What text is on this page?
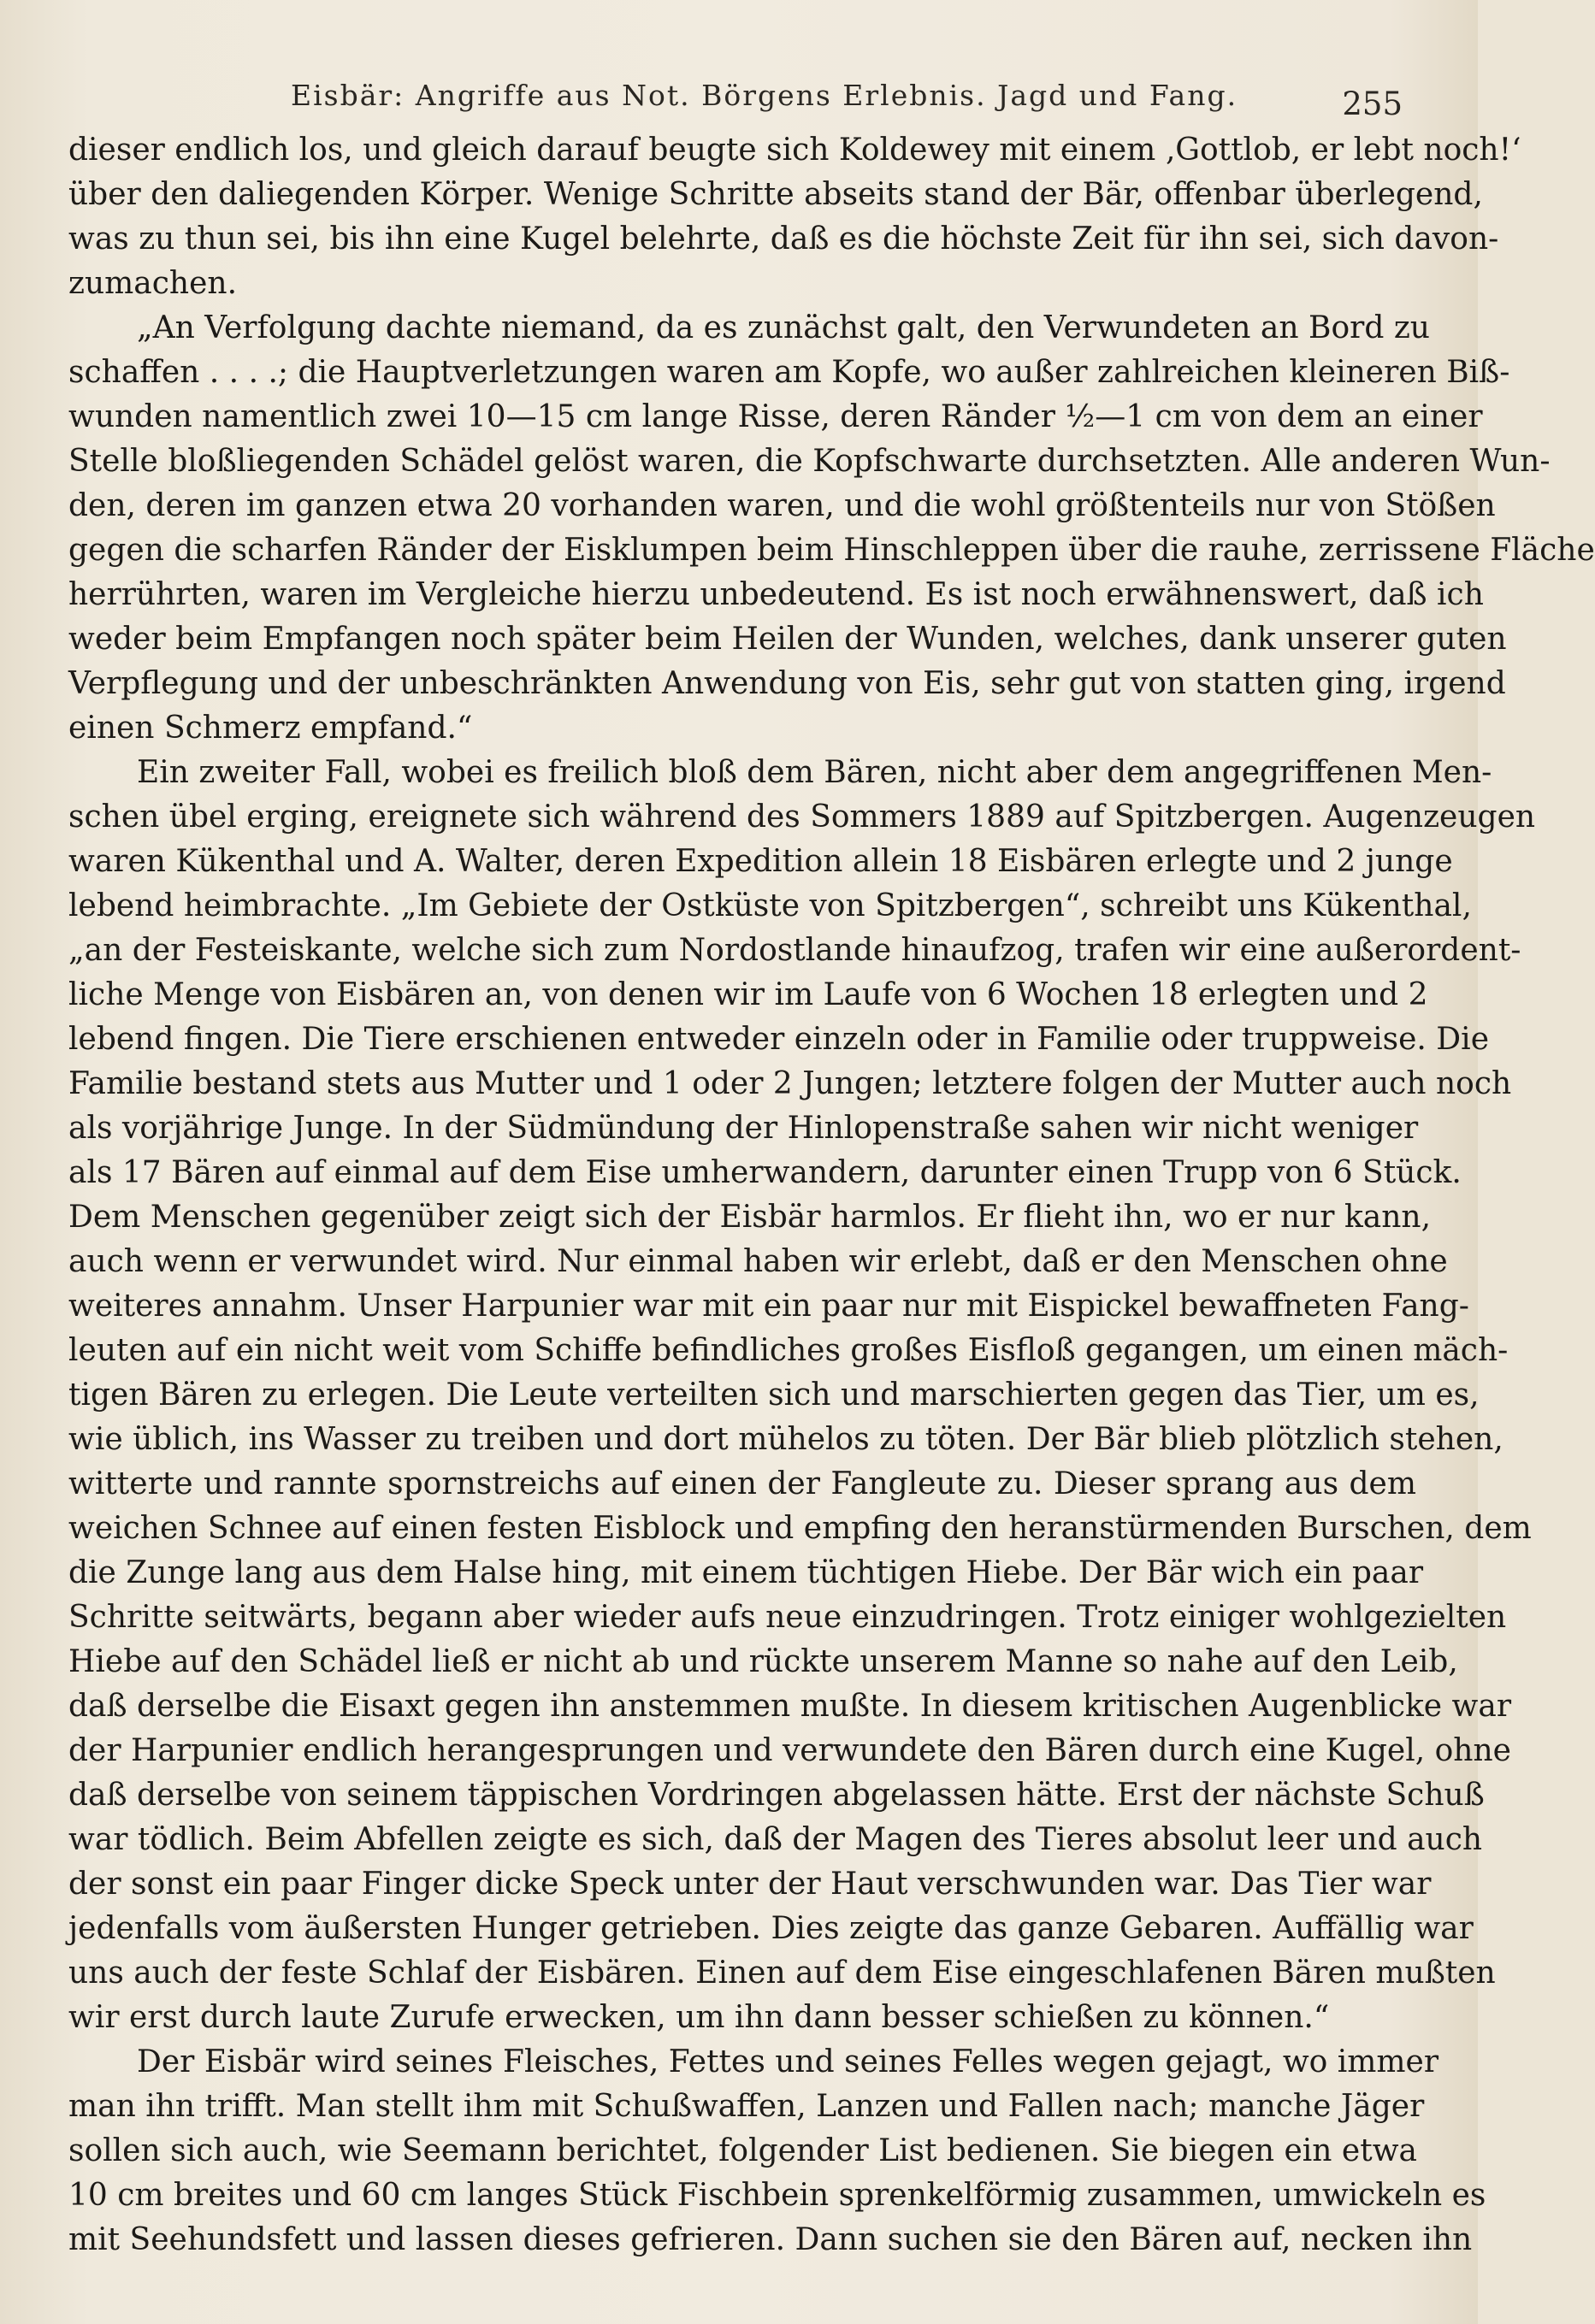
Eisbär: Angriffe aus Not. Börgens Erlebnis. Jagd und Fang.	255
dieser endlich los, und gleich darauf beugte sich Koldewey mit einem ‚Gottlob, er lebt noch!‘
über den daliegenden Körper. Wenige Schritte abseits stand der Bär, offenbar überlegend,
was zu thun sei, bis ihn eine Kugel belehrte, daß es die höchste Zeit für ihn sei, sich davon-
zumachen.
„An Verfolgung dachte niemand, da es zunächst galt, den Verwundeten an Bord zu
schaffen . . . .; die Hauptverletzungen waren am Kopfe, wo außer zahlreichen kleineren Biß-
wunden namentlich zwei 10—15 cm lange Risse, deren Ränder ½—1 cm von dem an einer
Stelle bloßliegenden Schädel gelöst waren, die Kopfschwarte durchsetzten. Alle anderen Wun-
den, deren im ganzen etwa 20 vorhanden waren, und die wohl größtenteils nur von Stößen
gegen die scharfen Ränder der Eisklumpen beim Hinschleppen über die rauhe, zerrissene Fläche
herrührten, waren im Vergleiche hierzu unbedeutend. Es ist noch erwähnenswert, daß ich
weder beim Empfangen noch später beim Heilen der Wunden, welches, dank unserer guten
Verpflegung und der unbeschränkten Anwendung von Eis, sehr gut von statten ging, irgend
einen Schmerz empfand.“
Ein zweiter Fall, wobei es freilich bloß dem Bären, nicht aber dem angegriffenen Men-
schen übel erging, ereignete sich während des Sommers 1889 auf Spitzbergen. Augenzeugen
waren Kükenthal und A. Walter, deren Expedition allein 18 Eisbären erlegte und 2 junge
lebend heimbrachte. „Im Gebiete der Ostküste von Spitzbergen“, schreibt uns Kükenthal,
„an der Festeiskante, welche sich zum Nordostlande hinaufzog, trafen wir eine außerordent-
liche Menge von Eisbären an, von denen wir im Laufe von 6 Wochen 18 erlegten und 2
lebend fingen. Die Tiere erschienen entweder einzeln oder in Familie oder truppweise. Die
Familie bestand stets aus Mutter und 1 oder 2 Jungen; letztere folgen der Mutter auch noch
als vorjährige Junge. In der Südmündung der Hinlopenstraße sahen wir nicht weniger
als 17 Bären auf einmal auf dem Eise umherwandern, darunter einen Trupp von 6 Stück.
Dem Menschen gegenüber zeigt sich der Eisbär harmlos. Er flieht ihn, wo er nur kann,
auch wenn er verwundet wird. Nur einmal haben wir erlebt, daß er den Menschen ohne
weiteres annahm. Unser Harpunier war mit ein paar nur mit Eispickel bewaffneten Fang-
leuten auf ein nicht weit vom Schiffe befindliches großes Eisfloß gegangen, um einen mäch-
tigen Bären zu erlegen. Die Leute verteilten sich und marschierten gegen das Tier, um es,
wie üblich, ins Wasser zu treiben und dort mühelos zu töten. Der Bär blieb plötzlich stehen,
witterte und rannte spornstreichs auf einen der Fangleute zu. Dieser sprang aus dem
weichen Schnee auf einen festen Eisblock und empfing den heranstürmenden Burschen, dem
die Zunge lang aus dem Halse hing, mit einem tüchtigen Hiebe. Der Bär wich ein paar
Schritte seitwärts, begann aber wieder aufs neue einzudringen. Trotz einiger wohlgezielten
Hiebe auf den Schädel ließ er nicht ab und rückte unserem Manne so nahe auf den Leib,
daß derselbe die Eisaxt gegen ihn anstemmen mußte. In diesem kritischen Augenblicke war
der Harpunier endlich herangesprungen und verwundete den Bären durch eine Kugel, ohne
daß derselbe von seinem täppischen Vordringen abgelassen hätte. Erst der nächste Schuß
war tödlich. Beim Abfellen zeigte es sich, daß der Magen des Tieres absolut leer und auch
der sonst ein paar Finger dicke Speck unter der Haut verschwunden war. Das Tier war
jedenfalls vom äußersten Hunger getrieben. Dies zeigte das ganze Gebaren. Auffällig war
uns auch der feste Schlaf der Eisbären. Einen auf dem Eise eingeschlafenen Bären mußten
wir erst durch laute Zurufe erwecken, um ihn dann besser schießen zu können.“
Der Eisbär wird seines Fleisches, Fettes und seines Felles wegen gejagt, wo immer
man ihn trifft. Man stellt ihm mit Schußwaffen, Lanzen und Fallen nach; manche Jäger
sollen sich auch, wie Seemann berichtet, folgender List bedienen. Sie biegen ein etwa
10 cm breites und 60 cm langes Stück Fischbein sprenkelförmig zusammen, umwickeln es
mit Seehundsfett und lassen dieses gefrieren. Dann suchen sie den Bären auf, necken ihn
